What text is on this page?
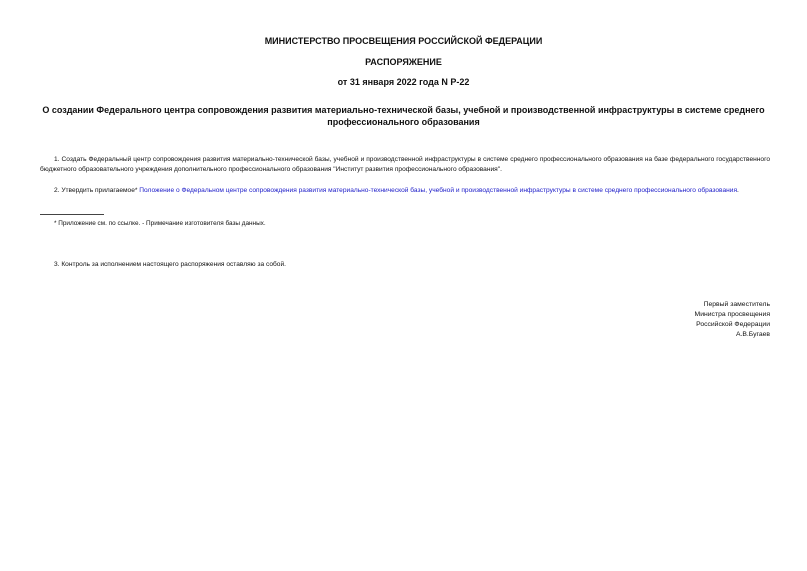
МИНИСТЕРСТВО ПРОСВЕЩЕНИЯ РОССИЙСКОЙ ФЕДЕРАЦИИ
РАСПОРЯЖЕНИЕ
от 31 января 2022 года N Р-22
О создании Федерального центра сопровождения развития материально-технической базы, учебной и производственной инфраструктуры в системе среднего профессионального образования
1. Создать Федеральный центр сопровождения развития материально-технической базы, учебной и производственной инфраструктуры в системе среднего профессионального образования на базе федерального государственного бюджетного образовательного учреждения дополнительного профессионального образования "Институт развития профессионального образования".
2. Утвердить прилагаемое* Положение о Федеральном центре сопровождения развития материально-технической базы, учебной и производственной инфраструктуры в системе среднего профессионального образования.
* Приложение см. по ссылке. - Примечание изготовителя базы данных.
3. Контроль за исполнением настоящего распоряжения оставляю за собой.
Первый заместитель
Министра просвещения
Российской Федерации
А.В.Бугаев
